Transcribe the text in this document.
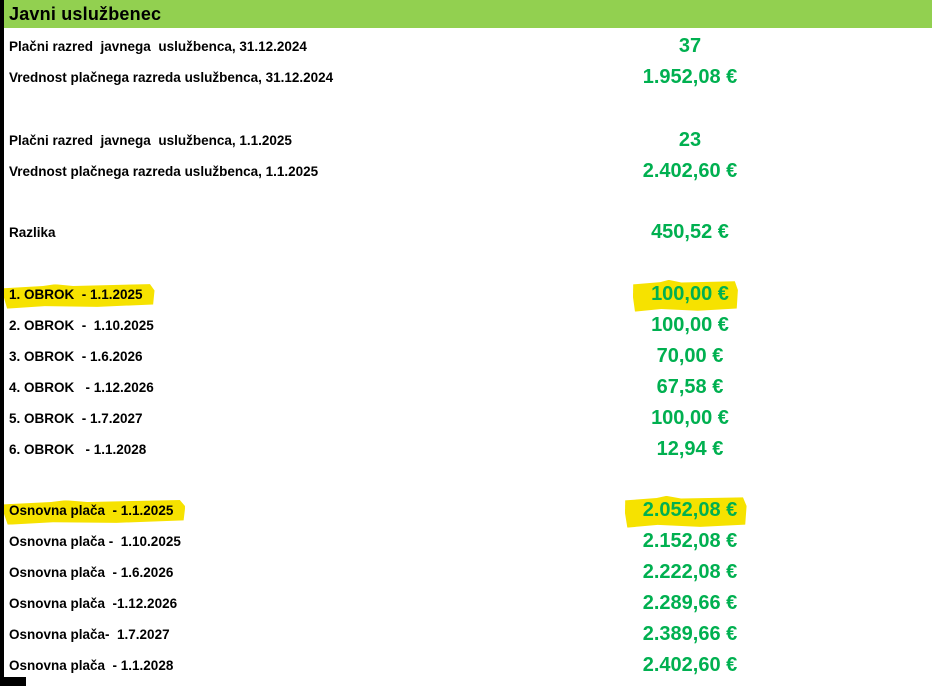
Javni uslužbenec
Plačni razred  javnega  uslužbenca, 31.12.2024	37
Vrednost plačnega razreda uslužbenca, 31.12.2024	1.952,08 €
Plačni razred  javnega  uslužbenca, 1.1.2025	23
Vrednost plačnega razreda uslužbenca, 1.1.2025	2.402,60 €
Razlika	450,52 €
1. OBROK  - 1.1.2025	100,00 €
2. OBROK  -  1.10.2025	100,00 €
3. OBROK  - 1.6.2026	70,00 €
4. OBROK   - 1.12.2026	67,58 €
5. OBROK  - 1.7.2027	100,00 €
6. OBROK   - 1.1.2028	12,94 €
Osnovna plača  - 1.1.2025	2.052,08 €
Osnovna plača -  1.10.2025	2.152,08 €
Osnovna plača  - 1.6.2026	2.222,08 €
Osnovna plača  -1.12.2026	2.289,66 €
Osnovna plača-  1.7.2027	2.389,66 €
Osnovna plača  - 1.1.2028	2.402,60 €
